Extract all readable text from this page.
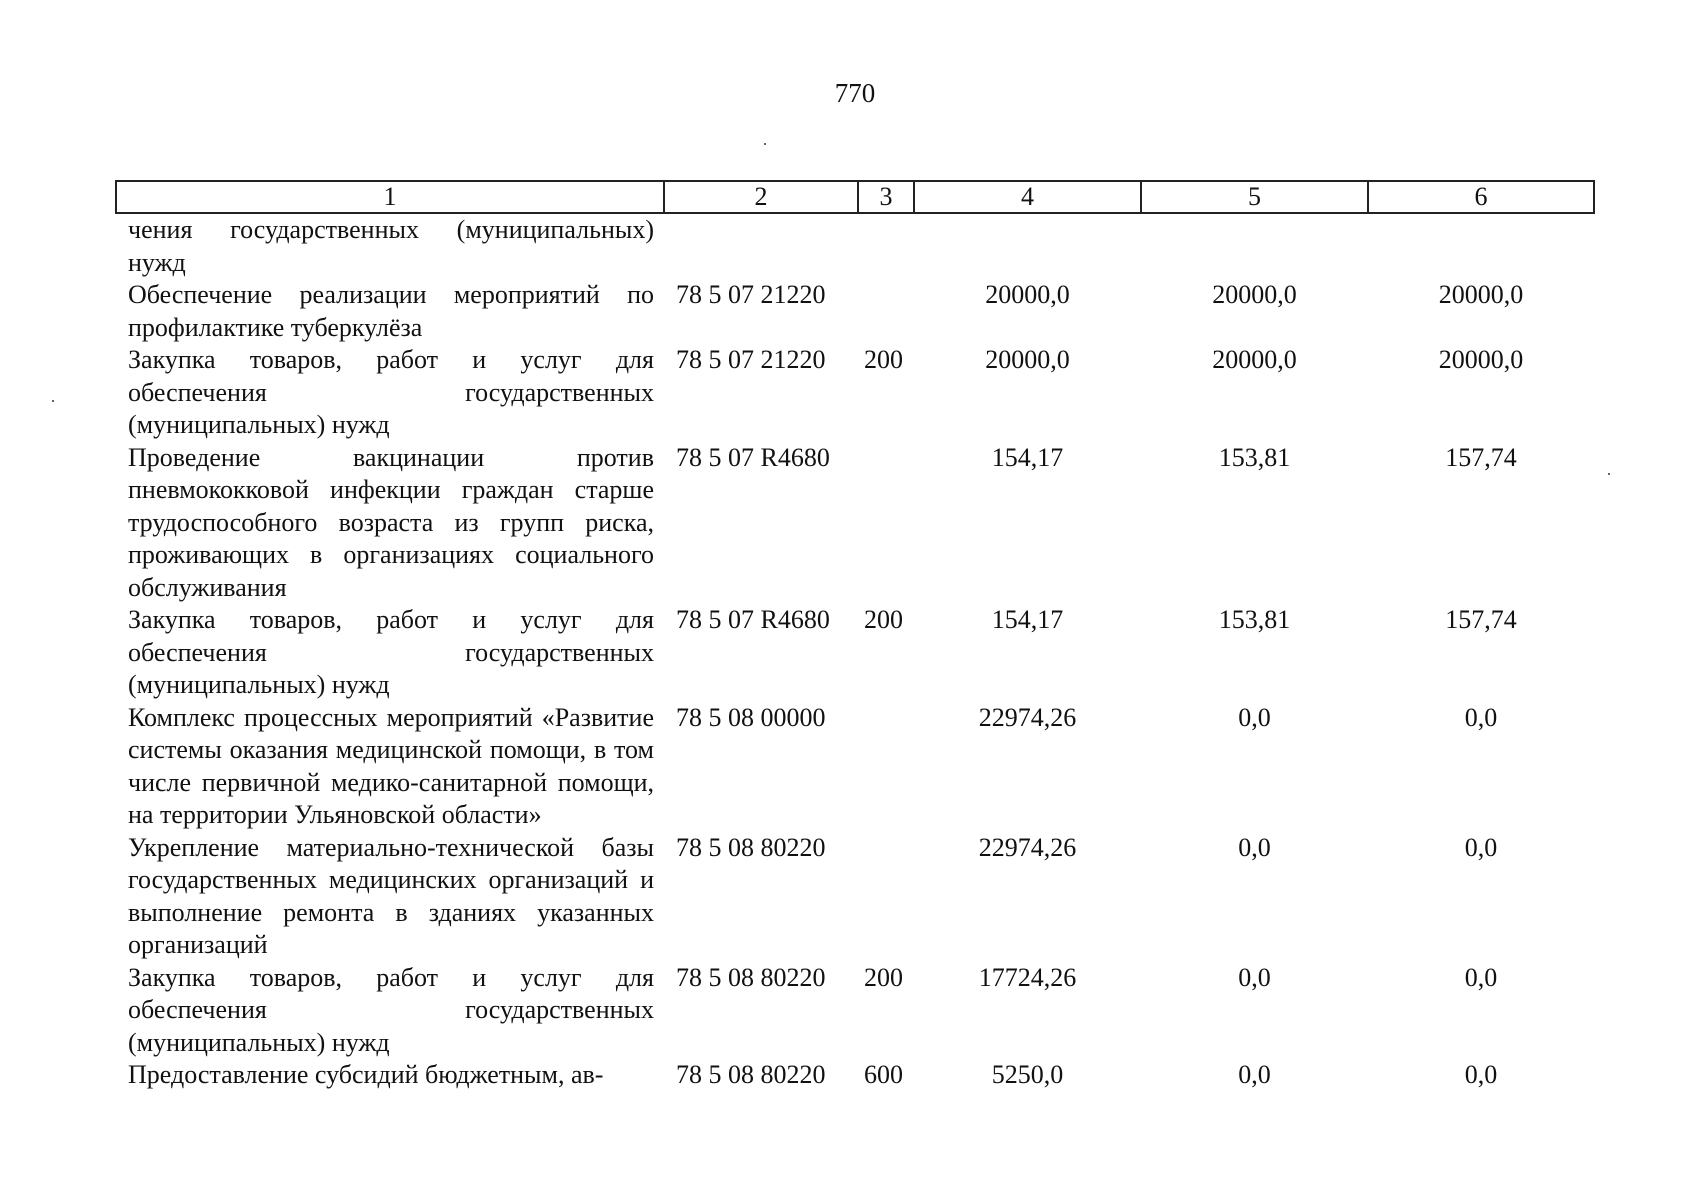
770
1	2	3	4	5	6
чения государственных (муниципальных) нужд					
Обеспечение реализации мероприятий по профилактике туберкулёза	78 5 07 21220		20000,0	20000,0	20000,0
Закупка товаров, работ и услуг для обеспечения государственных (муниципальных) нужд	78 5 07 21220	200	20000,0	20000,0	20000,0
Проведение вакцинации против пневмококковой инфекции граждан старше трудоспособного возраста из групп риска, проживающих в организациях социального обслуживания	78 5 07 R4680		154,17	153,81	157,74
Закупка товаров, работ и услуг для обеспечения государственных (муниципальных) нужд	78 5 07 R4680	200	154,17	153,81	157,74
Комплекс процессных мероприятий «Развитие системы оказания медицинской помощи, в том числе первичной медико-санитарной помощи, на территории Ульяновской области»	78 5 08 00000		22974,26	0,0	0,0
Укрепление материально-технической базы государственных медицинских организаций и выполнение ремонта в зданиях указанных организаций	78 5 08 80220		22974,26	0,0	0,0
Закупка товаров, работ и услуг для обеспечения государственных (муниципальных) нужд	78 5 08 80220	200	17724,26	0,0	0,0
Предоставление субсидий бюджетным, ав-	78 5 08 80220	600	5250,0	0,0	0,0
